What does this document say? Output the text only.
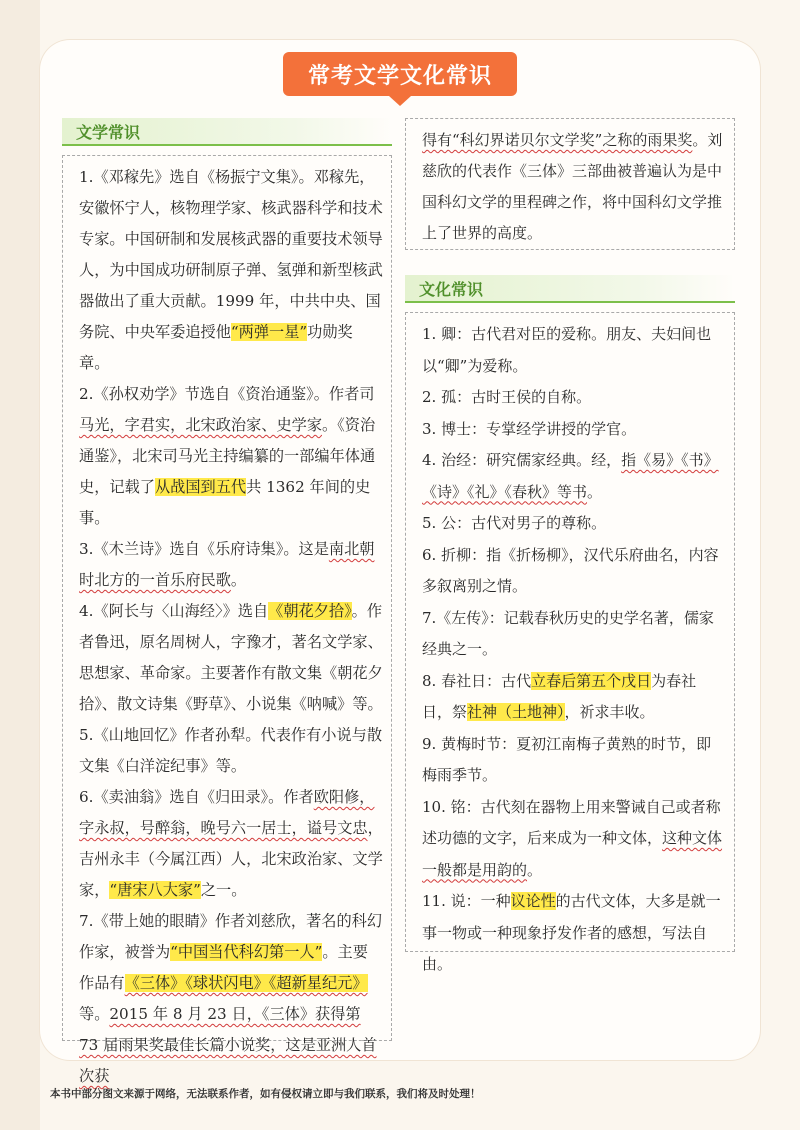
常考文学文化常识
文学常识

1.《邓稼先》选自《杨振宁文集》。邓稼先，安徽怀宁人，核物理学家、核武器科学和技术专家。中国研制和发展核武器的重要技术领导人，为中国成功研制原子弹、氢弹和新型核武器做出了重大贡献。1999 年，中共中央、国务院、中央军委追授他“两弹一星”功勋奖章。

2.《孙权劝学》节选自《资治通鉴》。作者司马光，字君实，北宋政治家、史学家。《资治通鉴》，北宋司马光主持编纂的一部编年体通史，记载了从战国到五代共 1362 年间的史事。

3.《木兰诗》选自《乐府诗集》。这是南北朝时北方的一首乐府民歌。

4.《阿长与〈山海经〉》选自《朝花夕拾》。作者鲁迅，原名周树人，字豫才，著名文学家、思想家、革命家。主要著作有散文集《朝花夕拾》、散文诗集《野草》、小说集《呐喊》等。

5.《山地回忆》作者孙犁。代表作有小说与散文集《白洋淀纪事》等。

6.《卖油翁》选自《归田录》。作者欧阳修，字永叔，号醉翁，晚号六一居士，谥号文忠，吉州永丰（今属江西）人，北宋政治家、文学家，“唐宋八大家”之一。

7.《带上她的眼睛》作者刘慈欣，著名的科幻作家，被誉为“中国当代科幻第一人”。主要作品有《三体》《球状闪电》《超新星纪元》等。2015 年 8 月 23 日，《三体》获得第 73 届雨果奖最佳长篇小说奖，这是亚洲人首次获

得有“科幻界诺贝尔文学奖”之称的雨果奖。刘慈欣的代表作《三体》三部曲被普遍认为是中国科幻文学的里程碑之作，将中国科幻文学推上了世界的高度。

文化常识

1. 卿：古代君对臣的爱称。朋友、夫妇间也以“卿”为爱称。

2. 孤：古时王侯的自称。

3. 博士：专掌经学讲授的学官。

4. 治经：研究儒家经典。经，指《易》《书》《诗》《礼》《春秋》等书。

5. 公：古代对男子的尊称。

6. 折柳：指《折杨柳》，汉代乐府曲名，内容多叙离别之情。

7.《左传》：记载春秋历史的史学名著，儒家经典之一。

8. 春社日：古代立春后第五个戊日为春社日，祭社神（土地神），祈求丰收。

9. 黄梅时节：夏初江南梅子黄熟的时节，即梅雨季节。

10. 铭：古代刻在器物上用来警诫自己或者称述功德的文字，后来成为一种文体，这种文体一般都是用韵的。

11. 说：一种议论性的古代文体，大多是就一事一物或一种现象抒发作者的感想，写法自由。

本书中部分图文来源于网络，无法联系作者，如有侵权请立即与我们联系，我们将及时处理！
